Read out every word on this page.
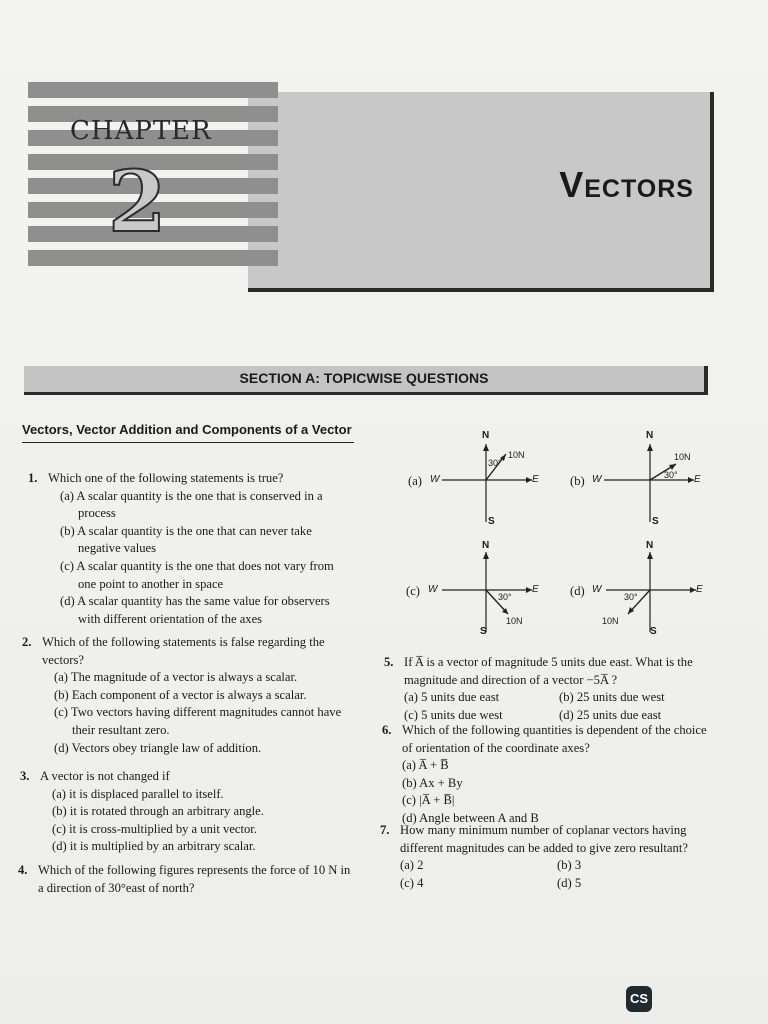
CHAPTER
2	Vectors
SECTION A: TOPICWISE QUESTIONS
Vectors, Vector Addition and Components of a Vector
1. Which one of the following statements is true?
(a) A scalar quantity is the one that is conserved in a process
(b) A scalar quantity is the one that can never take negative values
(c) A scalar quantity is the one that does not vary from one point to another in space
(d) A scalar quantity has the same value for observers with different orientation of the axes
2. Which of the following statements is false regarding the vectors?
(a) The magnitude of a vector is always a scalar.
(b) Each component of a vector is always a scalar.
(c) Two vectors having different magnitudes cannot have their resultant zero.
(d) Vectors obey triangle law of addition.
3. A vector is not changed if
(a) it is displaced parallel to itself.
(b) it is rotated through an arbitrary angle.
(c) it is cross-multiplied by a unit vector.
(d) it is multiplied by an arbitrary scalar.
4. Which of the following figures represents the force of 10 N in a direction of 30°east of north?
(a)
N
W	E
S
30°
10N
(b)
N
W	E
S
30°
10N
(c)
N
W	E
S
30°
10N
(d)
N
W	E
S
30°
10N
5. If A̅ is a vector of magnitude 5 units due east. What is the magnitude and direction of a vector −5A̅ ?
(a) 5 units due east	(b) 25 units due west
(c) 5 units due west	(d) 25 units due east
6. Which of the following quantities is dependent of the choice of orientation of the coordinate axes?
(a) A̅ + B̅
(b) Ax + By
(c) |A̅ + B̅|
(d) Angle between A and B
7. How many minimum number of coplanar vectors having different magnitudes can be added to give zero resultant?
(a) 2	(b) 3
(c) 4	(d) 5
CS
